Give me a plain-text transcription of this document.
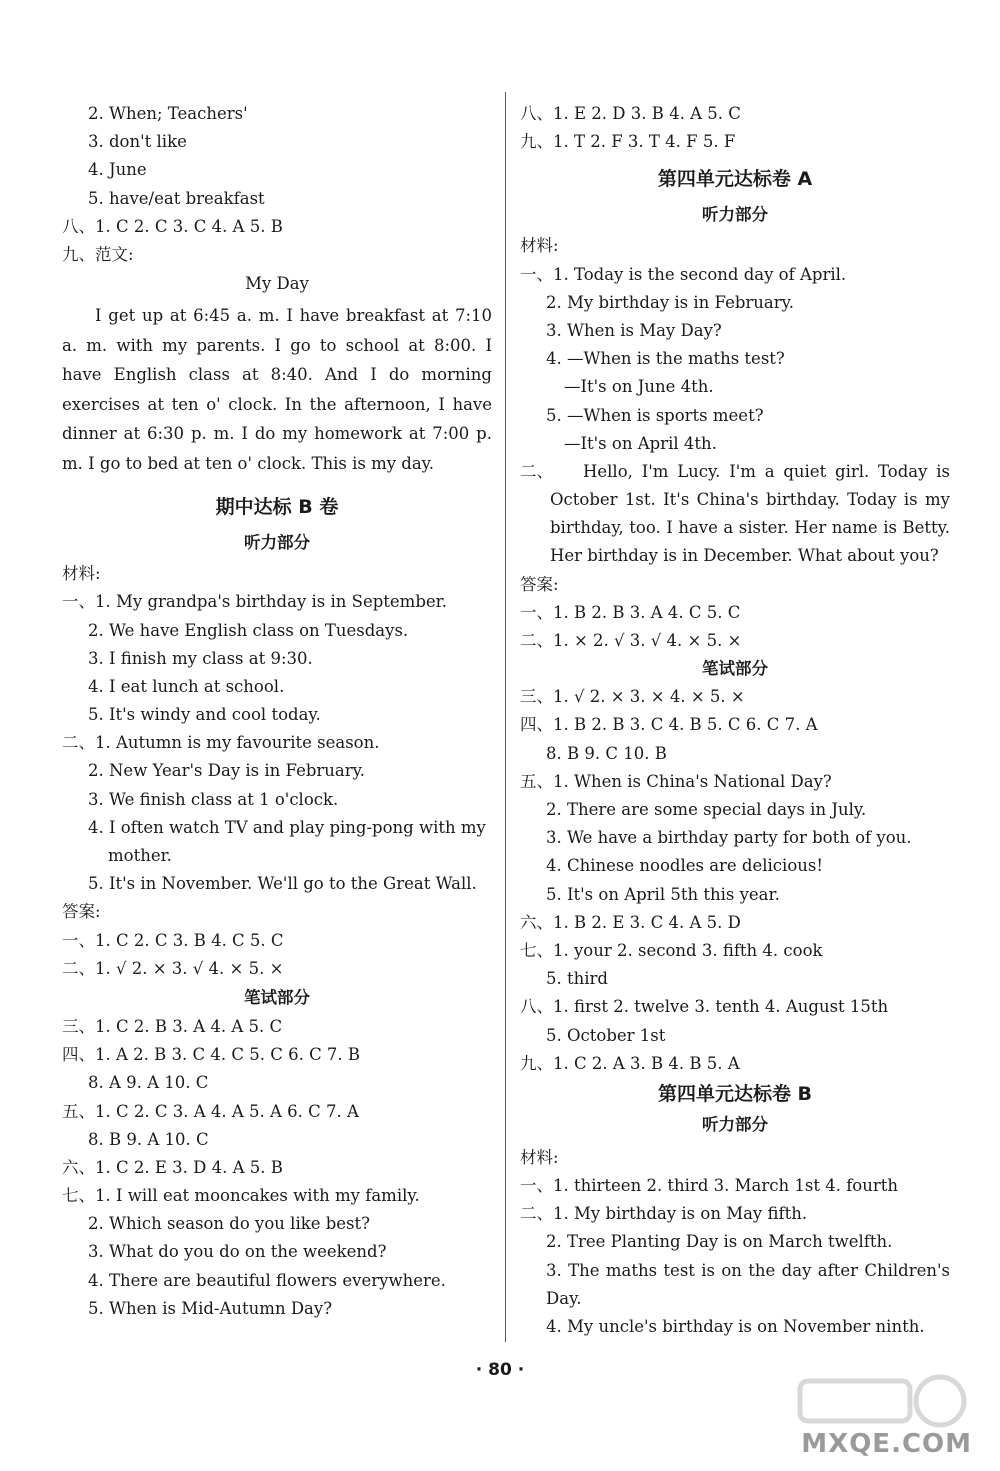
2. When; Teachers'
3. don't like
4. June
5. have/eat breakfast
八、1. C 2. C 3. C 4. A 5. B
九、范文:
My Day
I get up at 6:45 a. m. I have breakfast at 7:10 a. m. with my parents. I go to school at 8:00. I have English class at 8:40. And I do morning exercises at ten o' clock. In the afternoon, I have dinner at 6:30 p. m. I do my homework at 7:00 p. m. I go to bed at ten o' clock. This is my day.
期中达标 B 卷
听力部分
材料:
一、1. My grandpa's birthday is in September.
2. We have English class on Tuesdays.
3. I finish my class at 9:30.
4. I eat lunch at school.
5. It's windy and cool today.
二、1. Autumn is my favourite season.
2. New Year's Day is in February.
3. We finish class at 1 o'clock.
4. I often watch TV and play ping-pong with my
mother.
5. It's in November. We'll go to the Great Wall.
答案:
一、1. C 2. C 3. B 4. C 5. C
二、1. √ 2. × 3. √ 4. × 5. ×
笔试部分
三、1. C 2. B 3. A 4. A 5. C
四、1. A 2. B 3. C 4. C 5. C 6. C 7. B
8. A 9. A 10. C
五、1. C 2. C 3. A 4. A 5. A 6. C 7. A
8. B 9. A 10. C
六、1. C 2. E 3. D 4. A 5. B
七、1. I will eat mooncakes with my family.
2. Which season do you like best?
3. What do you do on the weekend?
4. There are beautiful flowers everywhere.
5. When is Mid-Autumn Day?
八、1. E 2. D 3. B 4. A 5. C
九、1. T 2. F 3. T 4. F 5. F
第四单元达标卷 A
听力部分
材料:
一、1. Today is the second day of April.
2. My birthday is in February.
3. When is May Day?
4. —When is the maths test?
—It's on June 4th.
5. —When is sports meet?
—It's on April 4th.
二、	Hello, I'm Lucy. I'm a quiet girl. Today is October 1st. It's China's birthday. Today is my birthday, too. I have a sister. Her name is Betty. Her birthday is in December. What about you?
答案:
一、1. B 2. B 3. A 4. C 5. C
二、1. × 2. √ 3. √ 4. × 5. ×
笔试部分
三、1. √ 2. × 3. × 4. × 5. ×
四、1. B 2. B 3. C 4. B 5. C 6. C 7. A
8. B 9. C 10. B
五、1. When is China's National Day?
2. There are some special days in July.
3. We have a birthday party for both of you.
4. Chinese noodles are delicious!
5. It's on April 5th this year.
六、1. B 2. E 3. C 4. A 5. D
七、1. your 2. second 3. fifth 4. cook
5. third
八、1. first 2. twelve 3. tenth 4. August 15th
5. October 1st
九、1. C 2. A 3. B 4. B 5. A
第四单元达标卷 B
听力部分
材料:
一、1. thirteen 2. third 3. March 1st 4. fourth
二、1. My birthday is on May fifth.
2. Tree Planting Day is on March twelfth.
3. The maths test is on the day after Children's Day.
4. My uncle's birthday is on November ninth.
· 80 ·
MXQE.COM
